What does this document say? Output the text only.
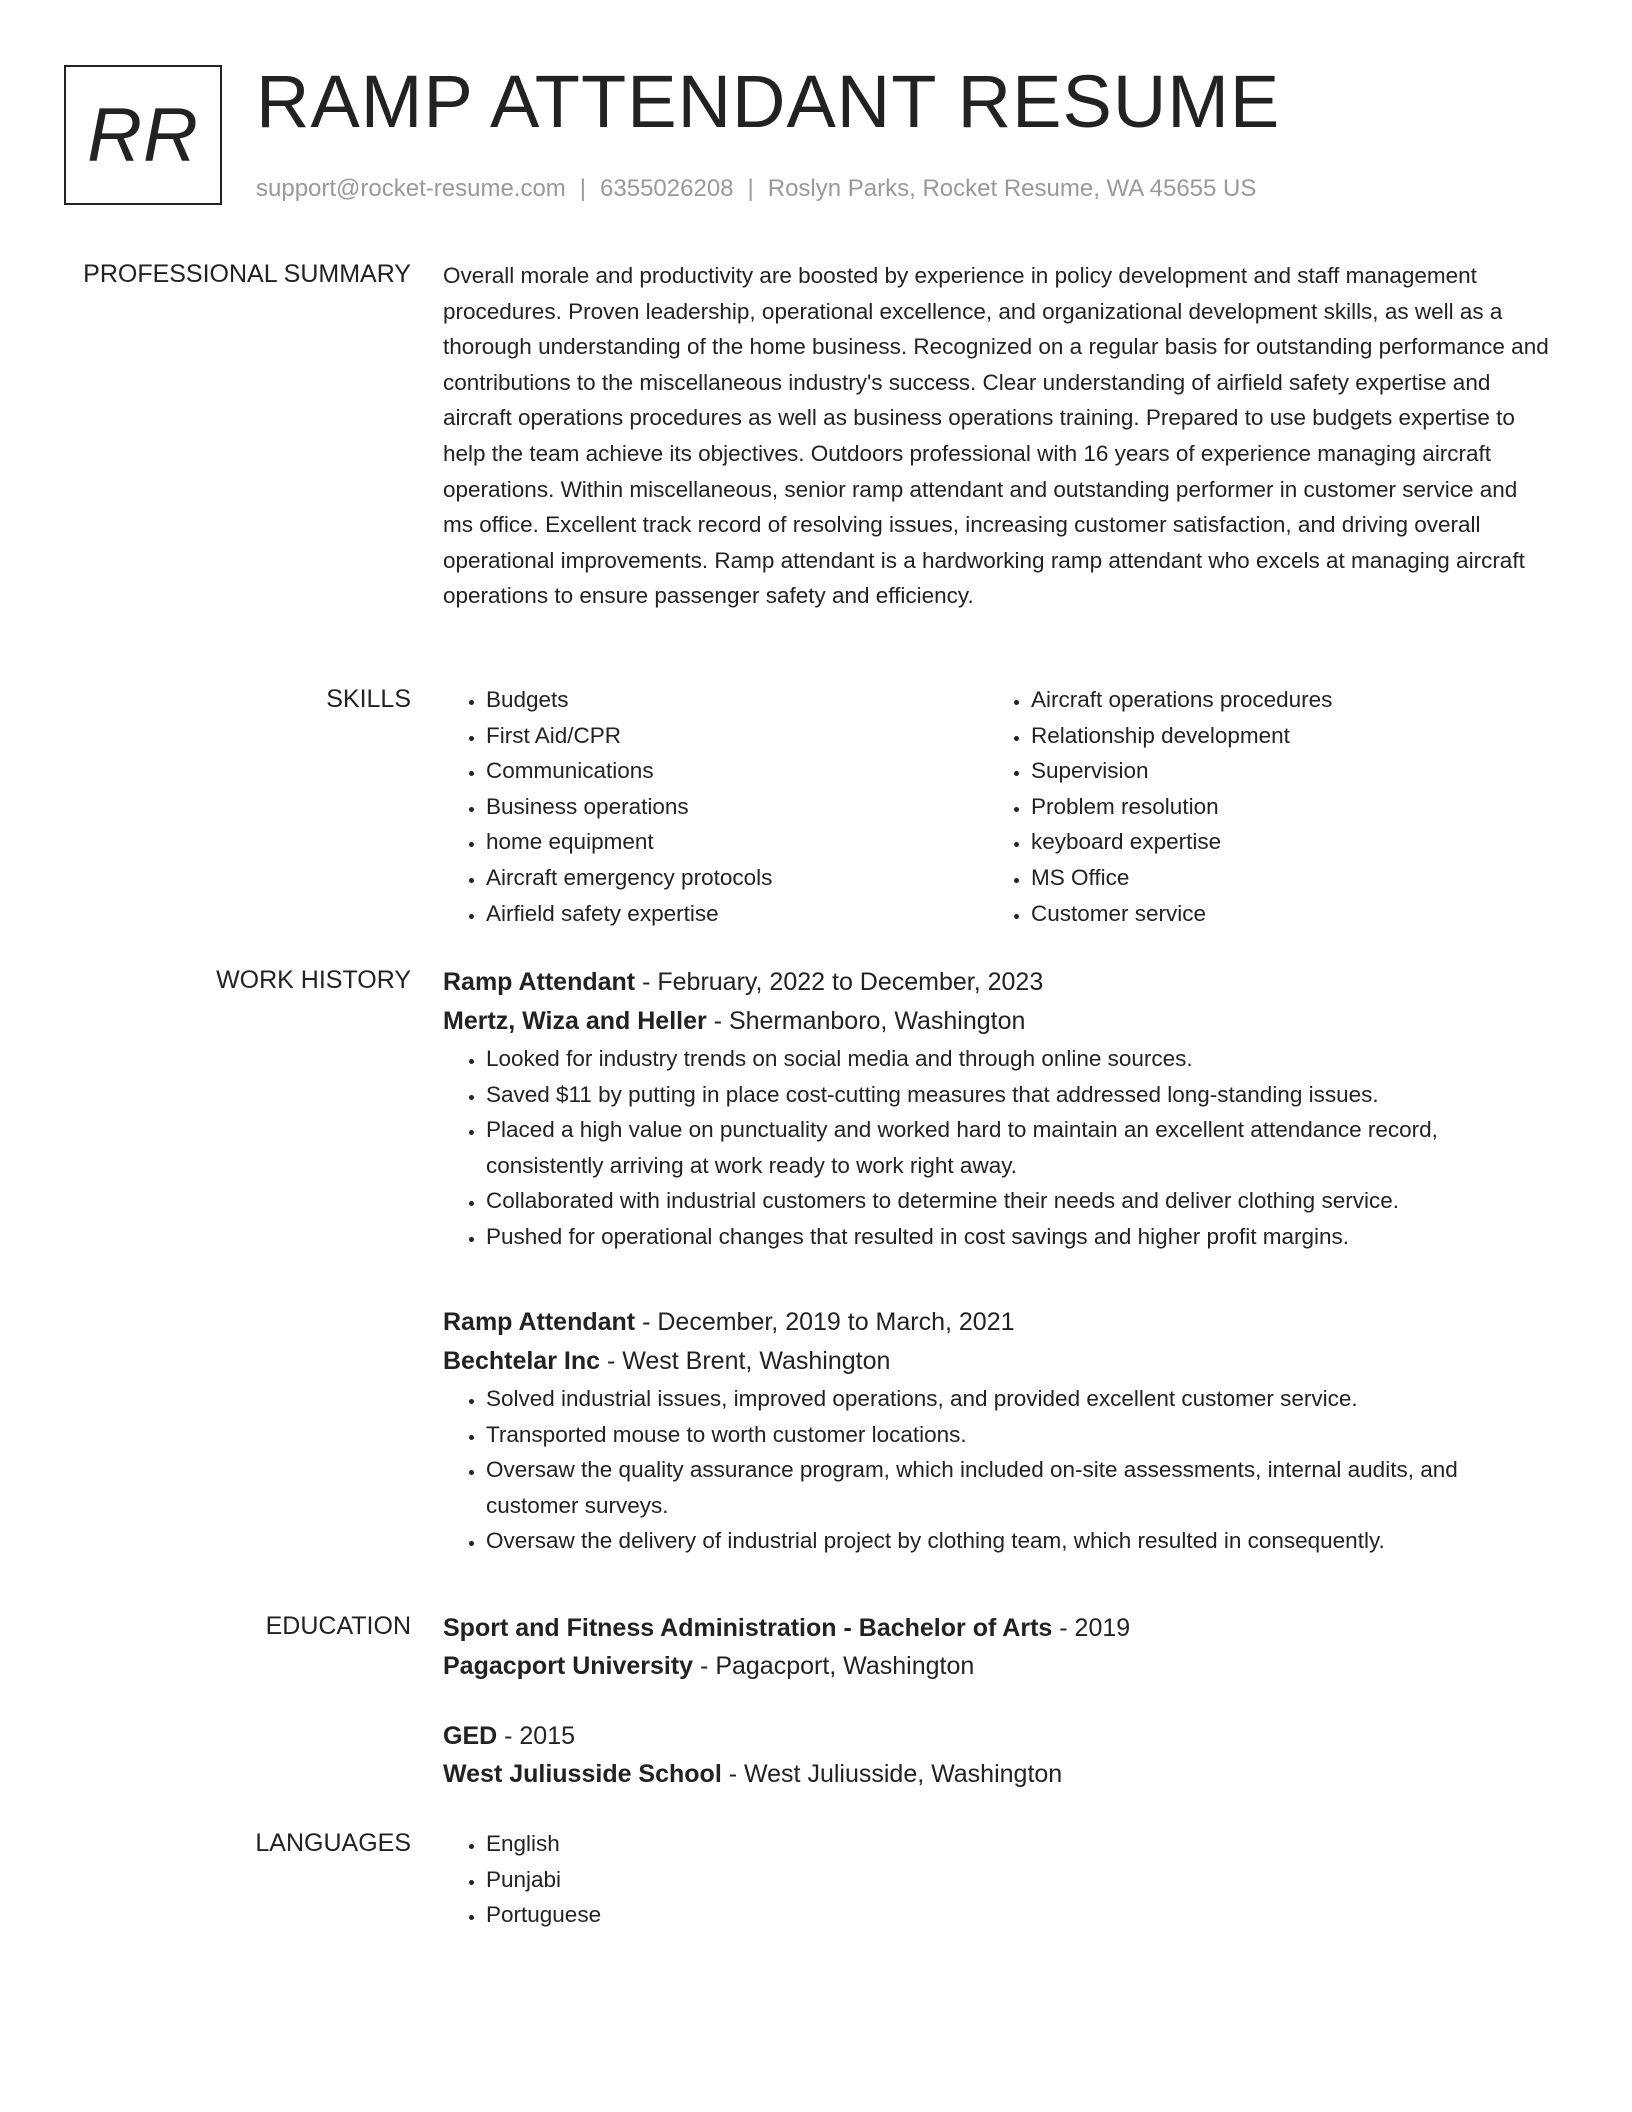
RR RAMP ATTENDANT RESUME
support@rocket-resume.com | 6355026208 | Roslyn Parks, Rocket Resume, WA 45655 US
PROFESSIONAL SUMMARY Overall morale and productivity are boosted by experience in policy development and staff management procedures. Proven leadership, operational excellence, and organizational development skills, as well as a thorough understanding of the home business. Recognized on a regular basis for outstanding performance and contributions to the miscellaneous industry's success. Clear understanding of airfield safety expertise and aircraft operations procedures as well as business operations training. Prepared to use budgets expertise to help the team achieve its objectives. Outdoors professional with 16 years of experience managing aircraft operations. Within miscellaneous, senior ramp attendant and outstanding performer in customer service and ms office. Excellent track record of resolving issues, increasing customer satisfaction, and driving overall operational improvements. Ramp attendant is a hardworking ramp attendant who excels at managing aircraft operations to ensure passenger safety and efficiency.

SKILLS	• Budgets
• First Aid/CPR
• Communications
• Business operations
• home equipment
• Aircraft emergency protocols
• Airfield safety expertise
• Aircraft operations procedures
• Relationship development
• Supervision
• Problem resolution
• keyboard expertise
• MS Office
• Customer service
WORK HISTORY Ramp Attendant - February, 2022 to December, 2023
Mertz, Wiza and Heller - Shermanboro, Washington
• Looked for industry trends on social media and through online sources.
• Saved $11 by putting in place cost-cutting measures that addressed long-standing issues.
• Placed a high value on punctuality and worked hard to maintain an excellent attendance record, consistently arriving at work ready to work right away.
• Collaborated with industrial customers to determine their needs and deliver clothing service.
• Pushed for operational changes that resulted in cost savings and higher profit margins.
Ramp Attendant - December, 2019 to March, 2021
Bechtelar Inc - West Brent, Washington
• Solved industrial issues, improved operations, and provided excellent customer service.
• Transported mouse to worth customer locations.
• Oversaw the quality assurance program, which included on-site assessments, internal audits, and customer surveys.
• Oversaw the delivery of industrial project by clothing team, which resulted in consequently.
EDUCATION Sport and Fitness Administration - Bachelor of Arts - 2019
Pagacport University - Pagacport, Washington
GED - 2015
West Juliusside School - West Juliusside, Washington
LANGUAGES	• English
• Punjabi
• Portuguese
